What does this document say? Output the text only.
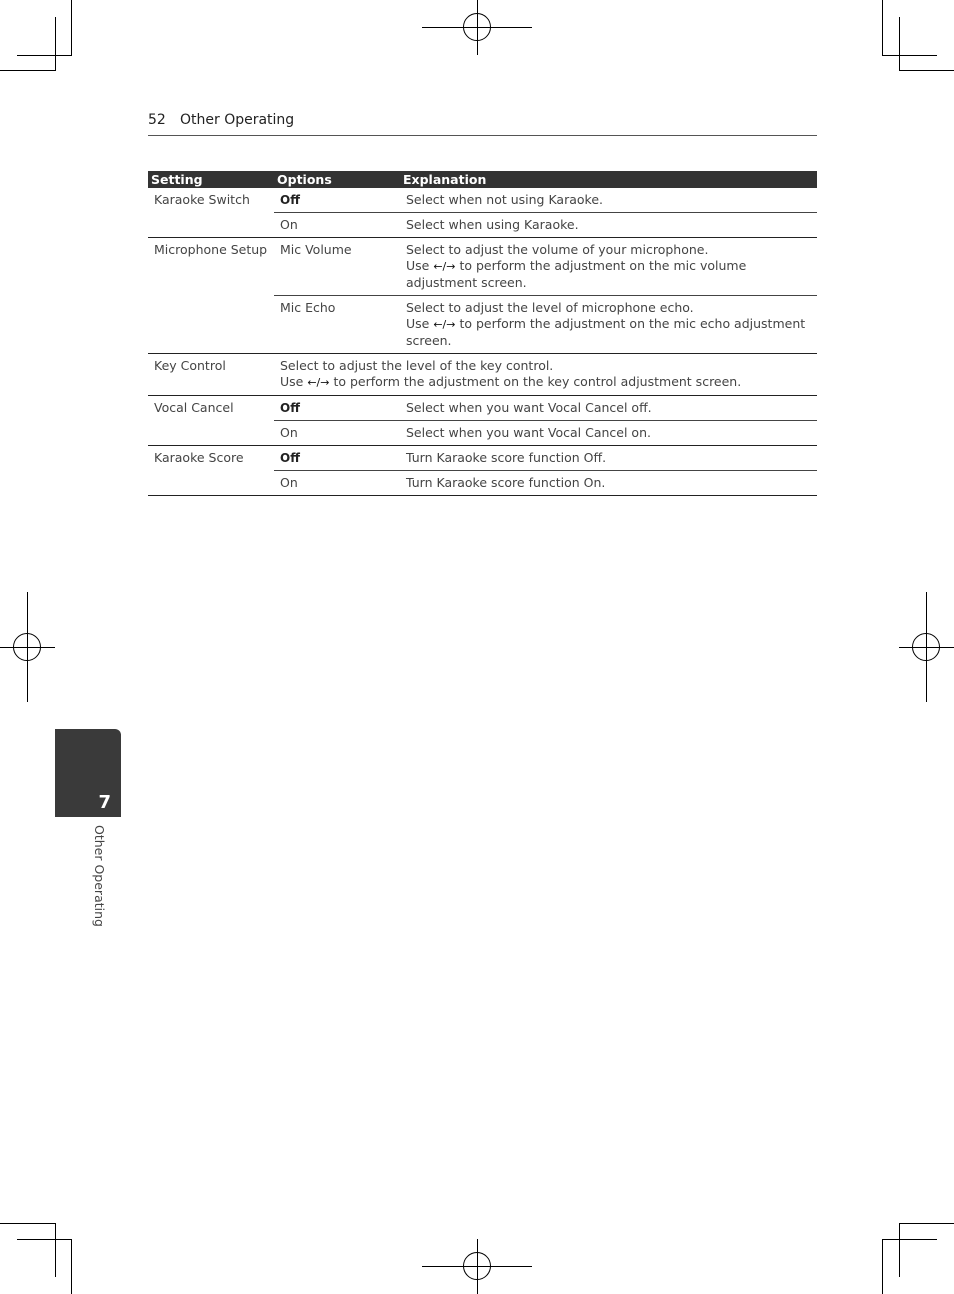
52 Other Operating
Setting	Options	Explanation
Karaoke Switch	Off	Select when not using Karaoke.
	On	Select when using Karaoke.
Microphone Setup	Mic Volume	Select to adjust the volume of your microphone.
Use ←/→ to perform the adjustment on the mic volume adjustment screen.
	Mic Echo	Select to adjust the level of microphone echo.
Use ←/→ to perform the adjustment on the mic echo adjustment screen.
Key Control	Select to adjust the level of the key control.
Use ←/→ to perform the adjustment on the key control adjustment screen.	
Vocal Cancel	Off	Select when you want Vocal Cancel off.
	On	Select when you want Vocal Cancel on.
Karaoke Score	Off	Turn Karaoke score function Off.
	On	Turn Karaoke score function On.
7
Other Operating
